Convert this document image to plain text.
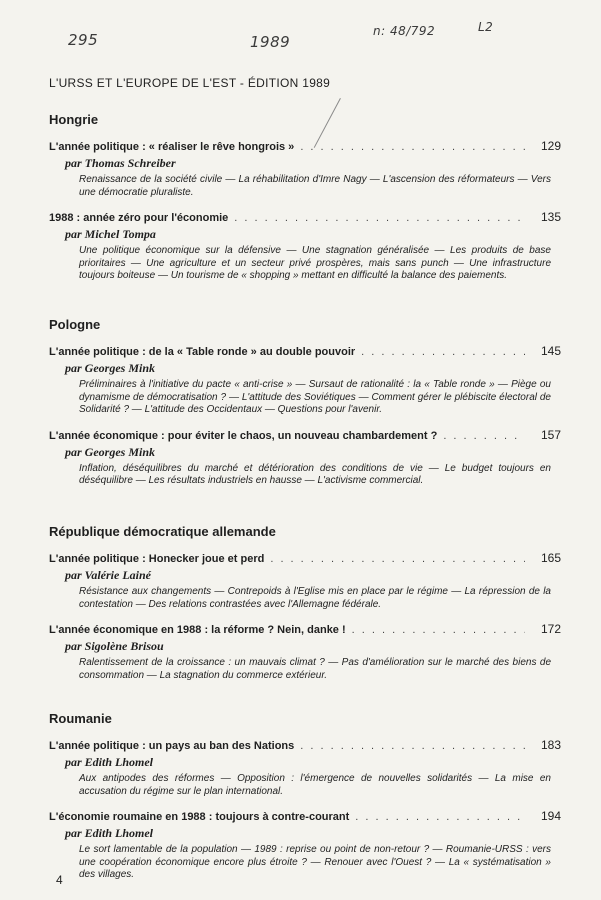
295	1989
n: 48/792	L2
L'URSS ET L'EUROPE DE L'EST - ÉDITION 1989
Hongrie
L'année politique : « réaliser le rêve hongrois » . . .	129
par Thomas Schreiber
Renaissance de la société civile — La réhabilitation d'Imre Nagy — L'ascension des réformateurs — Vers une démocratie pluraliste.
1988 : année zéro pour l'économie . . .	135
par Michel Tompa
Une politique économique sur la défensive — Une stagnation généralisée — Les produits de base prioritaires — Une agriculture et un secteur privé prospères, mais sans punch — Une infrastructure toujours boiteuse — Un tourisme de « shopping » mettant en difficulté la balance des paiements.
Pologne
L'année politique : de la « Table ronde » au double pouvoir . . .	145
par Georges Mink
Préliminaires à l'initiative du pacte « anti-crise » — Sursaut de rationalité : la « Table ronde » — Piège ou dynamisme de démocratisation ? — L'attitude des Soviétiques — Comment gérer le plébiscite électoral de Solidarité ? — L'attitude des Occidentaux — Questions pour l'avenir.
L'année économique : pour éviter le chaos, un nouveau chambardement ? . . .	157
par Georges Mink
Inflation, déséquilibres du marché et détérioration des conditions de vie — Le budget toujours en déséquilibre — Les résultats industriels en hausse — L'activisme commercial.
République démocratique allemande
L'année politique : Honecker joue et perd . . .	165
par Valérie Lainé
Résistance aux changements — Contrepoids à l'Eglise mis en place par le régime — La répression de la contestation — Des relations contrastées avec l'Allemagne fédérale.
L'année économique en 1988 : la réforme ? Nein, danke ! . . .	172
par Sigolène Brisou
Ralentissement de la croissance : un mauvais climat ? — Pas d'amélioration sur le marché des biens de consommation — La stagnation du commerce extérieur.
Roumanie
L'année politique : un pays au ban des Nations . . .	183
par Edith Lhomel
Aux antipodes des réformes — Opposition : l'émergence de nouvelles solidarités — La mise en accusation du régime sur le plan international.
L'économie roumaine en 1988 : toujours à contre-courant . . .	194
par Edith Lhomel
Le sort lamentable de la population — 1989 : reprise ou point de non-retour ? — Roumanie-URSS : vers une coopération économique encore plus étroite ? — Renouer avec l'Ouest ? — La « systématisation » des villages.
4
